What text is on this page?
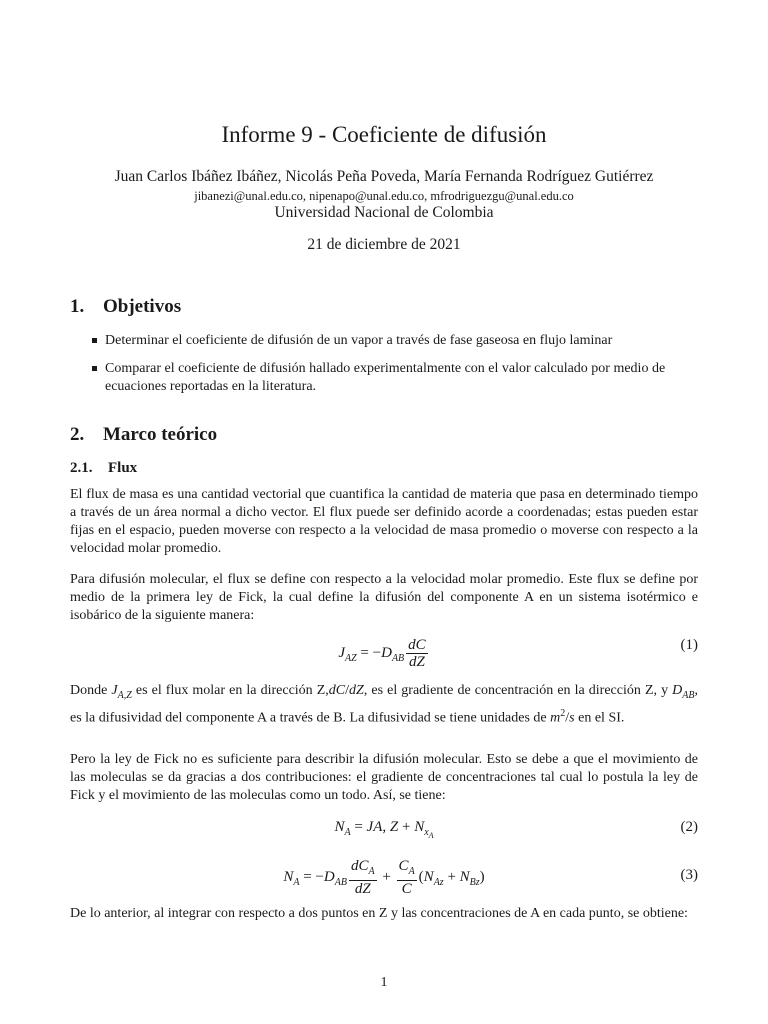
Informe 9 - Coeficiente de difusión
Juan Carlos Ibáñez Ibáñez, Nicolás Peña Poveda, María Fernanda Rodríguez Gutiérrez
jibanezi@unal.edu.co, nipenapo@unal.edu.co, mfrodriguezgu@unal.edu.co
Universidad Nacional de Colombia
21 de diciembre de 2021
1. Objetivos
Determinar el coeficiente de difusión de un vapor a través de fase gaseosa en flujo laminar
Comparar el coeficiente de difusión hallado experimentalmente con el valor calculado por medio de ecuaciones reportadas en la literatura.
2. Marco teórico
2.1. Flux

El flux de masa es una cantidad vectorial que cuantifica la cantidad de materia que pasa en determinado tiempo a través de un área normal a dicho vector. El flux puede ser definido acorde a coordenadas; estas pueden estar fijas en el espacio, pueden moverse con respecto a la velocidad de masa promedio o moverse con respecto a la velocidad molar promedio.

Para difusión molecular, el flux se define con respecto a la velocidad molar promedio. Este flux se define por medio de la primera ley de Fick, la cual define la difusión del componente A en un sistema isotérmico e isobárico de la siguiente manera:

$J_{AZ} = -D_{AB} \frac{dC}{dZ}$	(1)

Donde $J_{A,Z}$ es el flux molar en la dirección Z,dC/dZ, es el gradiente de concentración en la dirección Z, y $D_{AB}$, es la difusividad del componente A a través de B. La difusividad se tiene unidades de $m^2/s$ en el SI.

Pero la ley de Fick no es suficiente para describir la difusión molecular. Esto se debe a que el movimiento de las moleculas se da gracias a dos contribuciones: el gradiente de concentraciones tal cual lo postula la ley de Fick y el movimiento de las moleculas como un todo. Así, se tiene:

$N_A$ = JA, $Z + N_{x_A}$
(2)
$N_A = -D_{AB} \frac{dC_A}{dZ} + \frac{C_A}{C} (N_{Az} + N_{Bz})$	(3)

De lo anterior, al integrar con respecto a dos puntos en Z y las concentraciones de A en cada punto, se obtiene:

1
